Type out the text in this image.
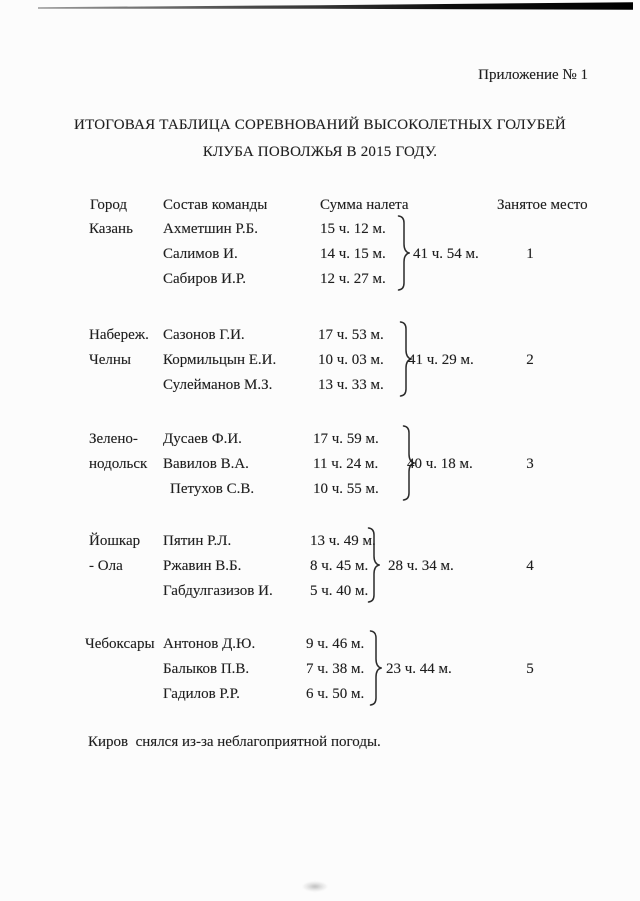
Приложение № 1
ИТОГОВАЯ ТАБЛИЦА СОРЕВНОВАНИЙ ВЫСОКОЛЕТНЫХ ГОЛУБЕЙ
КЛУБА ПОВОЛЖЬЯ В 2015 ГОДУ.
Город Состав команды	Сумма налета	Занятое место
Казань Ахметшин Р.Б.	15 ч. 12 м.
Салимов И.	14 ч. 15 м.
Сабиров И.Р.	12 ч. 27 м.
41 ч. 54 м.	1
Набереж.
Челны
Сазонов Г.И.	17 ч. 53 м.
Кормильцын Е.И.	10 ч. 03 м.
Сулейманов М.З.	13 ч. 33 м.
41 ч. 29 м.	2
Зелено-
нодольск
Дусаев Ф.И.	17 ч. 59 м.
Вавилов В.А.	11 ч. 24 м.
Петухов С.В.	10 ч. 55 м.
40 ч. 18 м.	3
Йошкар
- Ола
Пятин Р.Л.	13 ч. 49 м.
Ржавин В.Б.	8 ч. 45 м.
Габдулгазизов И. 5 ч. 40 м.
28 ч. 34 м.	4
Чебоксары Антонов Д.Ю.	9 ч. 46 м.
Балыков П.В.	7 ч. 38 м.
Гадилов Р.Р.	6 ч. 50 м.
23 ч. 44 м.	5
Киров  снялся из-за неблагоприятной погоды.
